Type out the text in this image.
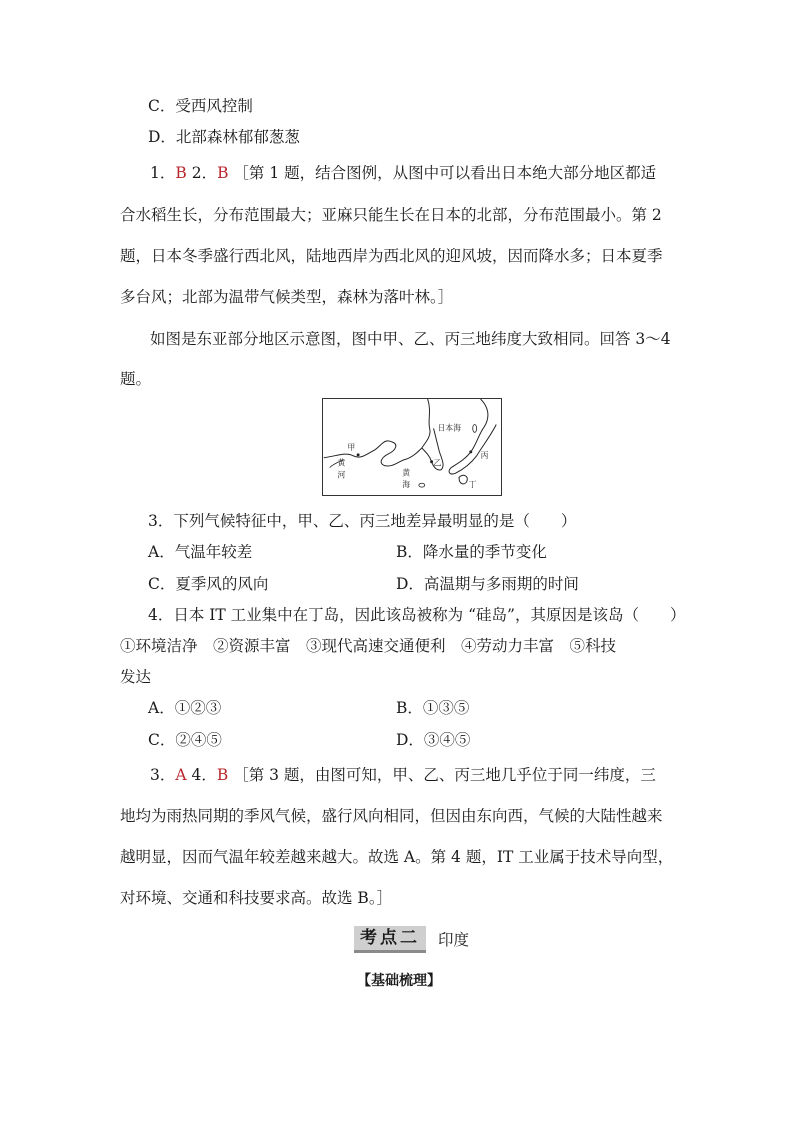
C．受西风控制
D．北部森林郁郁葱葱
1．B 2．B ［第 1 题，结合图例，从图中可以看出日本绝大部分地区都适
合水稻生长，分布范围最大；亚麻只能生长在日本的北部，分布范围最小。第 2
题，日本冬季盛行西北风，陆地西岸为西北风的迎风坡，因而降水多；日本夏季
多台风；北部为温带气候类型，森林为落叶林。］
如图是东亚部分地区示意图，图中甲、乙、丙三地纬度大致相同。回答 3～4
题。
甲
乙
丙
丁
黄
河	黄
海
日本海
3．下列气候特征中，甲、乙、丙三地差异最明显的是（　　）
A．气温年较差	B．降水量的季节变化
C．夏季风的风向	D．高温期与多雨期的时间
4．日本 IT 工业集中在丁岛，因此该岛被称为 “硅岛”，其原因是该岛（　　）
①环境洁净　②资源丰富　③现代高速交通便利　④劳动力丰富　⑤科技
发达
A．①②③	B．①③⑤
C．②④⑤	D．③④⑤
3．A 4．B ［第 3 题，由图可知，甲、乙、丙三地几乎位于同一纬度，三
地均为雨热同期的季风气候，盛行风向相同，但因由东向西，气候的大陆性越来
越明显，因而气温年较差越来越大。故选 A。第 4 题，IT 工业属于技术导向型，
对环境、交通和科技要求高。故选 B。］
考点二	印度
【基础梳理】
